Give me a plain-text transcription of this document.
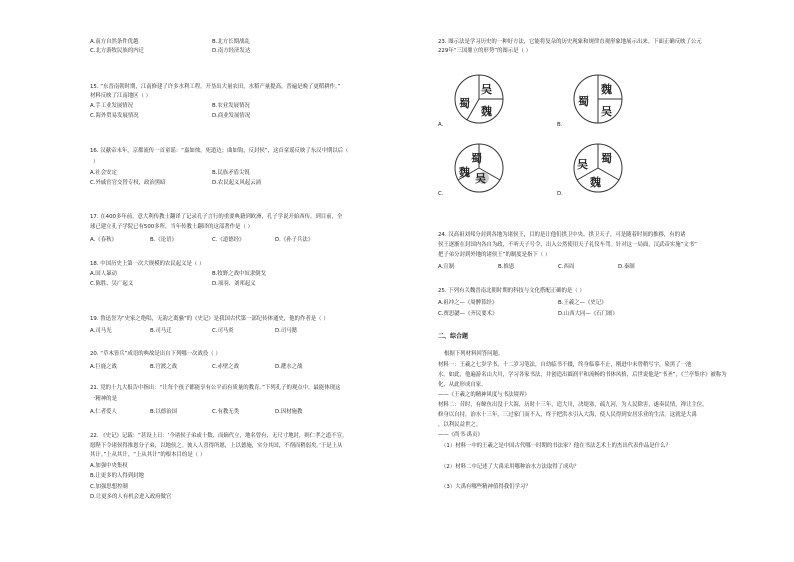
A.南方自然条件优越	B.北方长期战乱
C.北方游牧民族的内迁	D.南方经济发达
15. “东晋南朝时期，江南修建了许多水利工程，开垦出大量农田，水稻产量提高，普遍是晚了更稻耕作。”
材料反映了江南地区（ ）
A.手工业发展情况	B.农业发展情况
C.海外贸易发展情况	D.商业发展情况
16. 汉献帝末年，京都流传一首童谣：“嘉如烛，死道边；曲如钩，反封侯”，这首童谣反映了东汉中期以后（
）
A.社会安定	B.民族矛盾尖锐
C.外戚宦官交替专权，政治黑暗	D.农民起义风起云涌
17. 在400多年前，意大利传教士翻译了记录孔子言行的重要典籍到欧洲，孔子学说开始西传。到目前，全
球已建立孔子学院已有500多所，当年传教士翻译的这部著作是（ ）
A.《春秋》	B.《论语》	C.《道德经》	D.《孙子兵法》
18. 中国历史上第一次大规模的农民起义是（ ）
A.国人暴动	B.牧野之战中奴隶倒戈
C.陈胜、吴广起义	D.项羽、刘邦起义
19. 鲁迅誉为“史家之绝唱，无韵之离骚”的《史记》是我国古代第一部纪传体通史，他的作者是（ ）
A.司马光	B.司马迁	C.司马炎	D.司马懿
20. “草木皆兵”成语的典故是出自下列哪一次战役（ ）
A.巨鹿之战	B.官渡之战	C.赤壁之战	D.淝水之战
21. 党的十九大报告中指出：“让每个孩子都能享有公平而有质量的教育。”下列孔子的观点中，最能体现这
一精神的是
A.仁者爱人	B.以德治国	C.有教无类	D.因材施教
22. 《史记》记载：“甚设上日：‘今诸侯子弟或十数，而嫡代立，地名曾有，无尺寸地封，则仁孝之道不宣。
愿陛下令诸侯得推恩分子弟，以地侯之。彼人人喜得所愿，上以德施，实分其国，不削而稍弱矣。’于是上从
其计。”上从其计，“上从其计”的根本目的是（ ）
A.加强中央集权
B.让更多的人得到封地
C.加强思想控制
D.让更多的人有机会进入政府做官
23. 图示法是学习历史的一种好方法，它能将复杂的历史现象和规律直观形象地展示出来。下面正确反映了公元
229年“三国鼎立的形势”的图示是（ ）
蜀
吴
魏
A.
蜀
魏
吴
B.
魏
蜀
吴
C.
吴 蜀
魏
D.
24. 汉高祖刘邦分封到各地为诸侯王，目的是让他们拱卫中央、拱卫天子，可是随着时间的推移，有的诸
侯王逐渐在封国内各自为政，不听天子号令，出入公然使用天子礼仪车驾。针对这一局面，汉武帝实施“文书”
把子弟分封到外地的诸侯王”的制度是指下（ ）
A.宣制	B.推恩	C.西周	D.秦制
25. 下列有关魏晋南北朝时期的科技与文化搭配正确的是（ ）
A.祖冲之—《周髀算经》	B.王羲之—《史记》
C.贾思勰—《齐民要术》	D.山西大同—《石门颂》
二、综合题
根据下列材料回答问题。
材料一：王羲之七岁学书，十二岁习笔法，自幼临书不辍，终身临摹不止，刚进中未曾稍写字，染黑了一池
水。如此，他遍游名山大川，学习各家书法，并创造出圆润平和流畅的书体风格，后世说他是“书圣”，《兰亭集序》被称为
化，从此形成自家。
——《王羲之的精神风度与书法境界》
材料二：昔时，有鲸鱼出没于大海，历时十三年，造大川，决堤塞，疏九河，为人民除害，遂奏民情，禅让主位，
修身以自持，治水十三年，三过家门而不入，终于把洪水引入大海，使人民得到安居乐业的生活。这就是大禹
，以利民益世之。
——《尚书·禹贡》
（1）材料一中的王羲之是中国古代哪一时期的书法家？他在书法艺术上的杰出代表作品是什么？
（2）材料二中记述了大禹采用哪种治水方法取得了成功？
（3）大禹有哪些精神值得我们学习？
